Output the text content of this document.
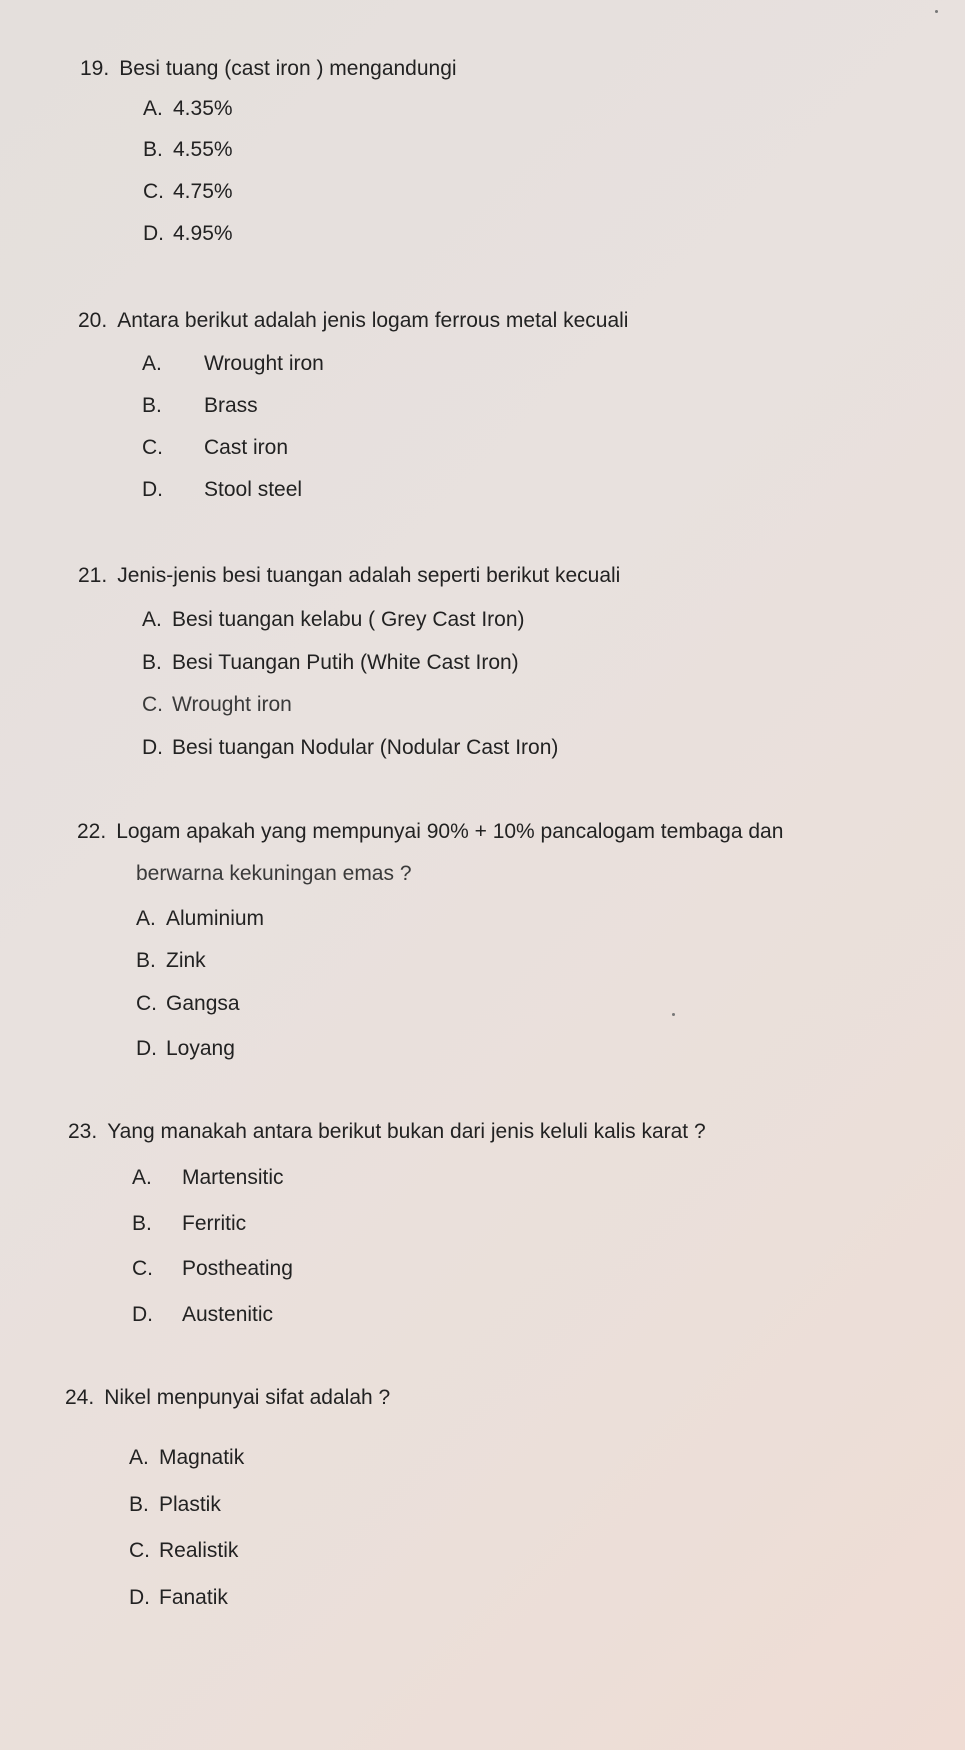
19. Besi tuang (cast iron ) mengandungi
A. 4.35%
B. 4.55%
C. 4.75%
D. 4.95%
20. Antara berikut adalah jenis logam ferrous metal kecuali
A. Wrought iron
B. Brass
C. Cast iron
D. Stool steel
21. Jenis-jenis besi tuangan adalah seperti berikut kecuali
A. Besi tuangan kelabu ( Grey Cast Iron)
B. Besi Tuangan Putih (White Cast Iron)
C. Wrought iron
D. Besi tuangan Nodular (Nodular Cast Iron)
22. Logam apakah yang mempunyai 90% + 10% pancalogam tembaga dan
berwarna kekuningan emas ?
A. Aluminium
B. Zink
C. Gangsa
D. Loyang
23. Yang manakah antara berikut bukan dari jenis keluli kalis karat ?
A. Martensitic
B. Ferritic
C. Postheating
D. Austenitic
24. Nikel menpunyai sifat adalah ?
A. Magnatik
B. Plastik
C. Realistik
D. Fanatik
